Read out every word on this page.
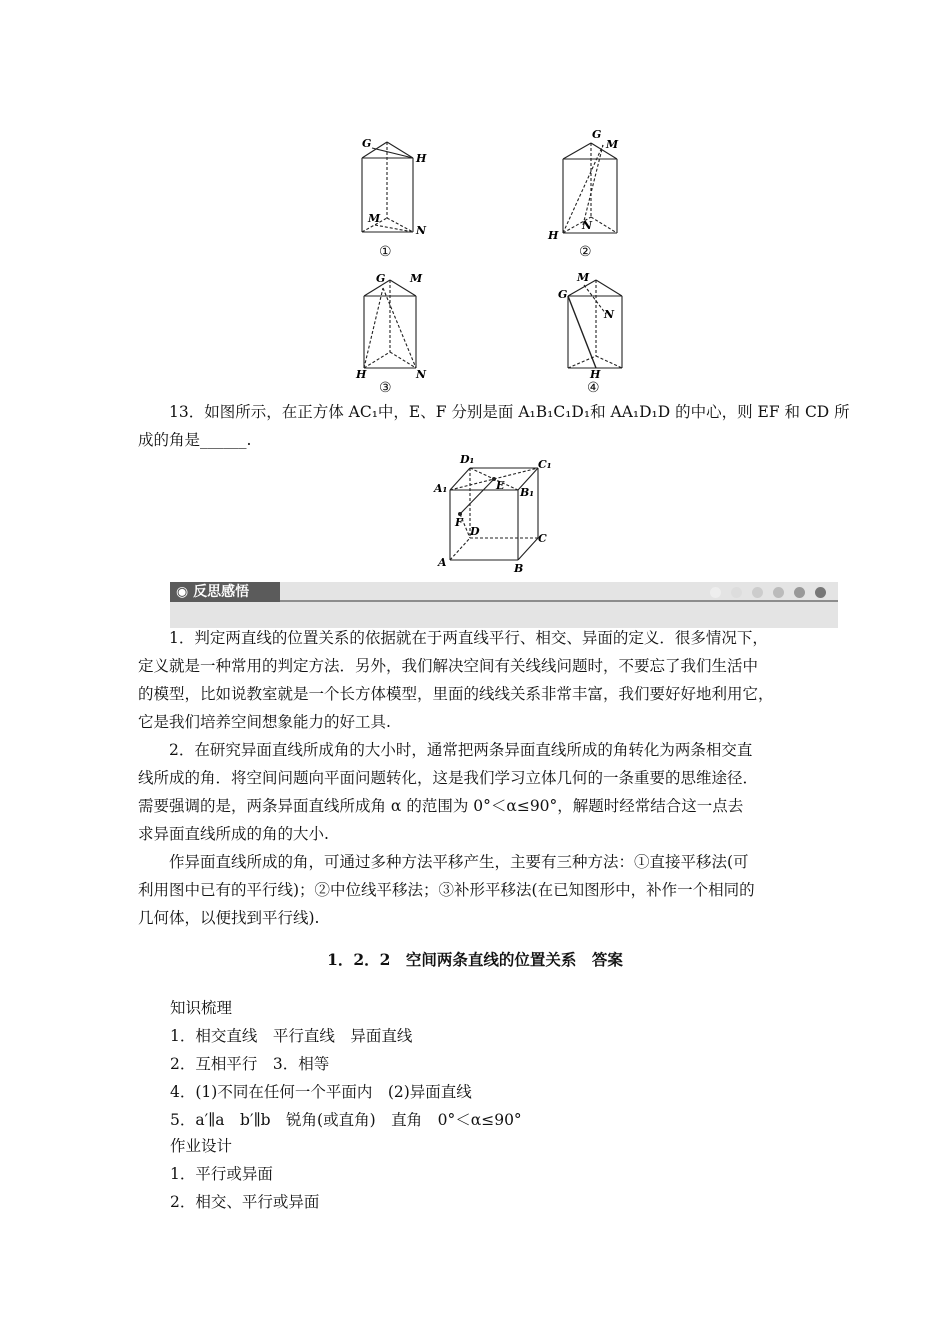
G
H
M
N
①
G
M
H
N
②
G M
H	N
③
M
G
N
H
④
13．如图所示，在正方体 AC₁中，E、F 分别是面 A₁B₁C₁D₁和 AA₁D₁D 的中心，则 EF 和 CD 所
成的角是______.
D₁	C₁
A₁	E
B₁
F
D
C
A	B
◉ 反思感悟
1．判定两直线的位置关系的依据就在于两直线平行、相交、异面的定义．很多情况下，
定义就是一种常用的判定方法．另外，我们解决空间有关线线问题时，不要忘了我们生活中
的模型，比如说教室就是一个长方体模型，里面的线线关系非常丰富，我们要好好地利用它，
它是我们培养空间想象能力的好工具.
2．在研究异面直线所成角的大小时，通常把两条异面直线所成的角转化为两条相交直
线所成的角．将空间问题向平面问题转化，这是我们学习立体几何的一条重要的思维途径．
需要强调的是，两条异面直线所成角 α 的范围为 0°＜α≤90°，解题时经常结合这一点去
求异面直线所成的角的大小.
作异面直线所成的角，可通过多种方法平移产生，主要有三种方法：①直接平移法(可
利用图中已有的平行线)；②中位线平移法；③补形平移法(在已知图形中，补作一个相同的
几何体，以便找到平行线).
1．2．2　空间两条直线的位置关系　答案
知识梳理
1．相交直线　平行直线　异面直线
2．互相平行　3．相等
4．(1)不同在任何一个平面内　(2)异面直线
5．a′∥a　b′∥b　锐角(或直角)　直角　0°＜α≤90°
作业设计
1．平行或异面
2．相交、平行或异面
